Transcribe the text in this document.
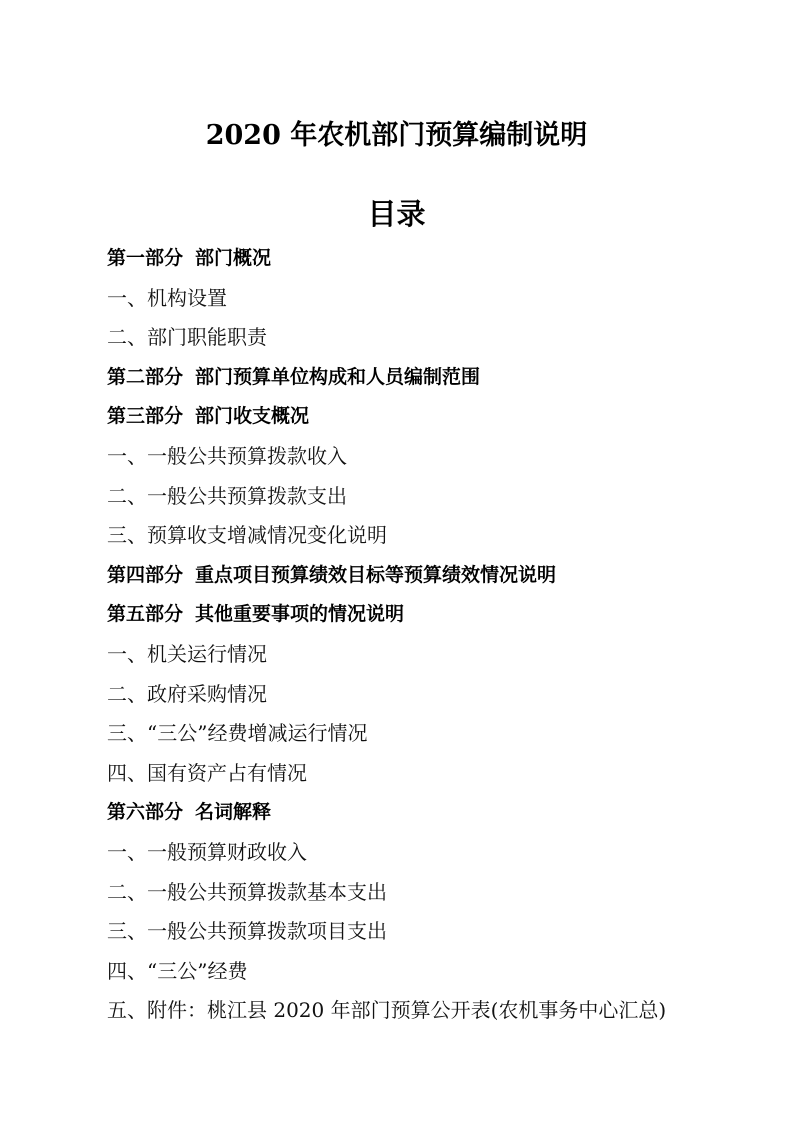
2020 年农机部门预算编制说明
目录
第一部分 部门概况
一、机构设置
二、部门职能职责
第二部分 部门预算单位构成和人员编制范围
第三部分 部门收支概况
一、一般公共预算拨款收入
二、一般公共预算拨款支出
三、预算收支增减情况变化说明
第四部分 重点项目预算绩效目标等预算绩效情况说明
第五部分 其他重要事项的情况说明
一、机关运行情况
二、政府采购情况
三、“三公”经费增减运行情况
四、国有资产占有情况
第六部分 名词解释
一、一般预算财政收入
二、一般公共预算拨款基本支出
三、一般公共预算拨款项目支出
四、“三公”经费
五、附件：桃江县 2020 年部门预算公开表(农机事务中心汇总)
